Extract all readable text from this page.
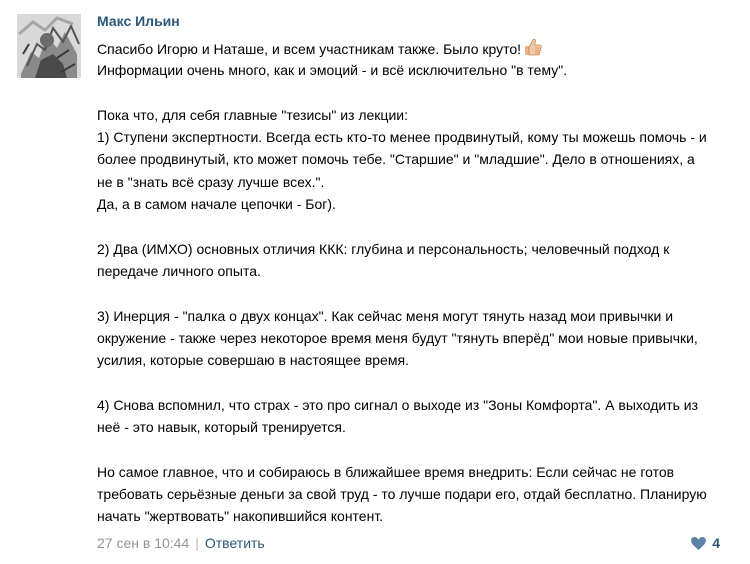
Макс Ильин
Спасибо Игорю и Наташе, и всем участникам также. Было круто!
Информации очень много, как и эмоций - и всё исключительно "в тему".
Пока что, для себя главные "тезисы" из лекции:
1) Ступени экспертности. Всегда есть кто-то менее продвинутый, кому ты можешь помочь - и
более продвинутый, кто может помочь тебе. "Старшие" и "младшие". Дело в отношениях, а
не в "знать всё сразу лучше всех.".
Да, а в самом начале цепочки - Бог).
2) Два (ИМХО) основных отличия ККК: глубина и персональность; человечный подход к
передаче личного опыта.
3) Инерция - "палка о двух концах". Как сейчас меня могут тянуть назад мои привычки и
окружение - также через некоторое время меня будут "тянуть вперёд" мои новые привычки,
усилия, которые совершаю в настоящее время.
4) Снова вспомнил, что страх - это про сигнал о выходе из "Зоны Комфорта". А выходить из
неё - это навык, который тренируется.
Но самое главное, что и собираюсь в ближайшее время внедрить: Если сейчас не готов
требовать серьёзные деньги за свой труд - то лучше подари его, отдай бесплатно. Планирую
начать "жертвовать" накопившийся контент.
27 сен в 10:44 | Ответить	4
